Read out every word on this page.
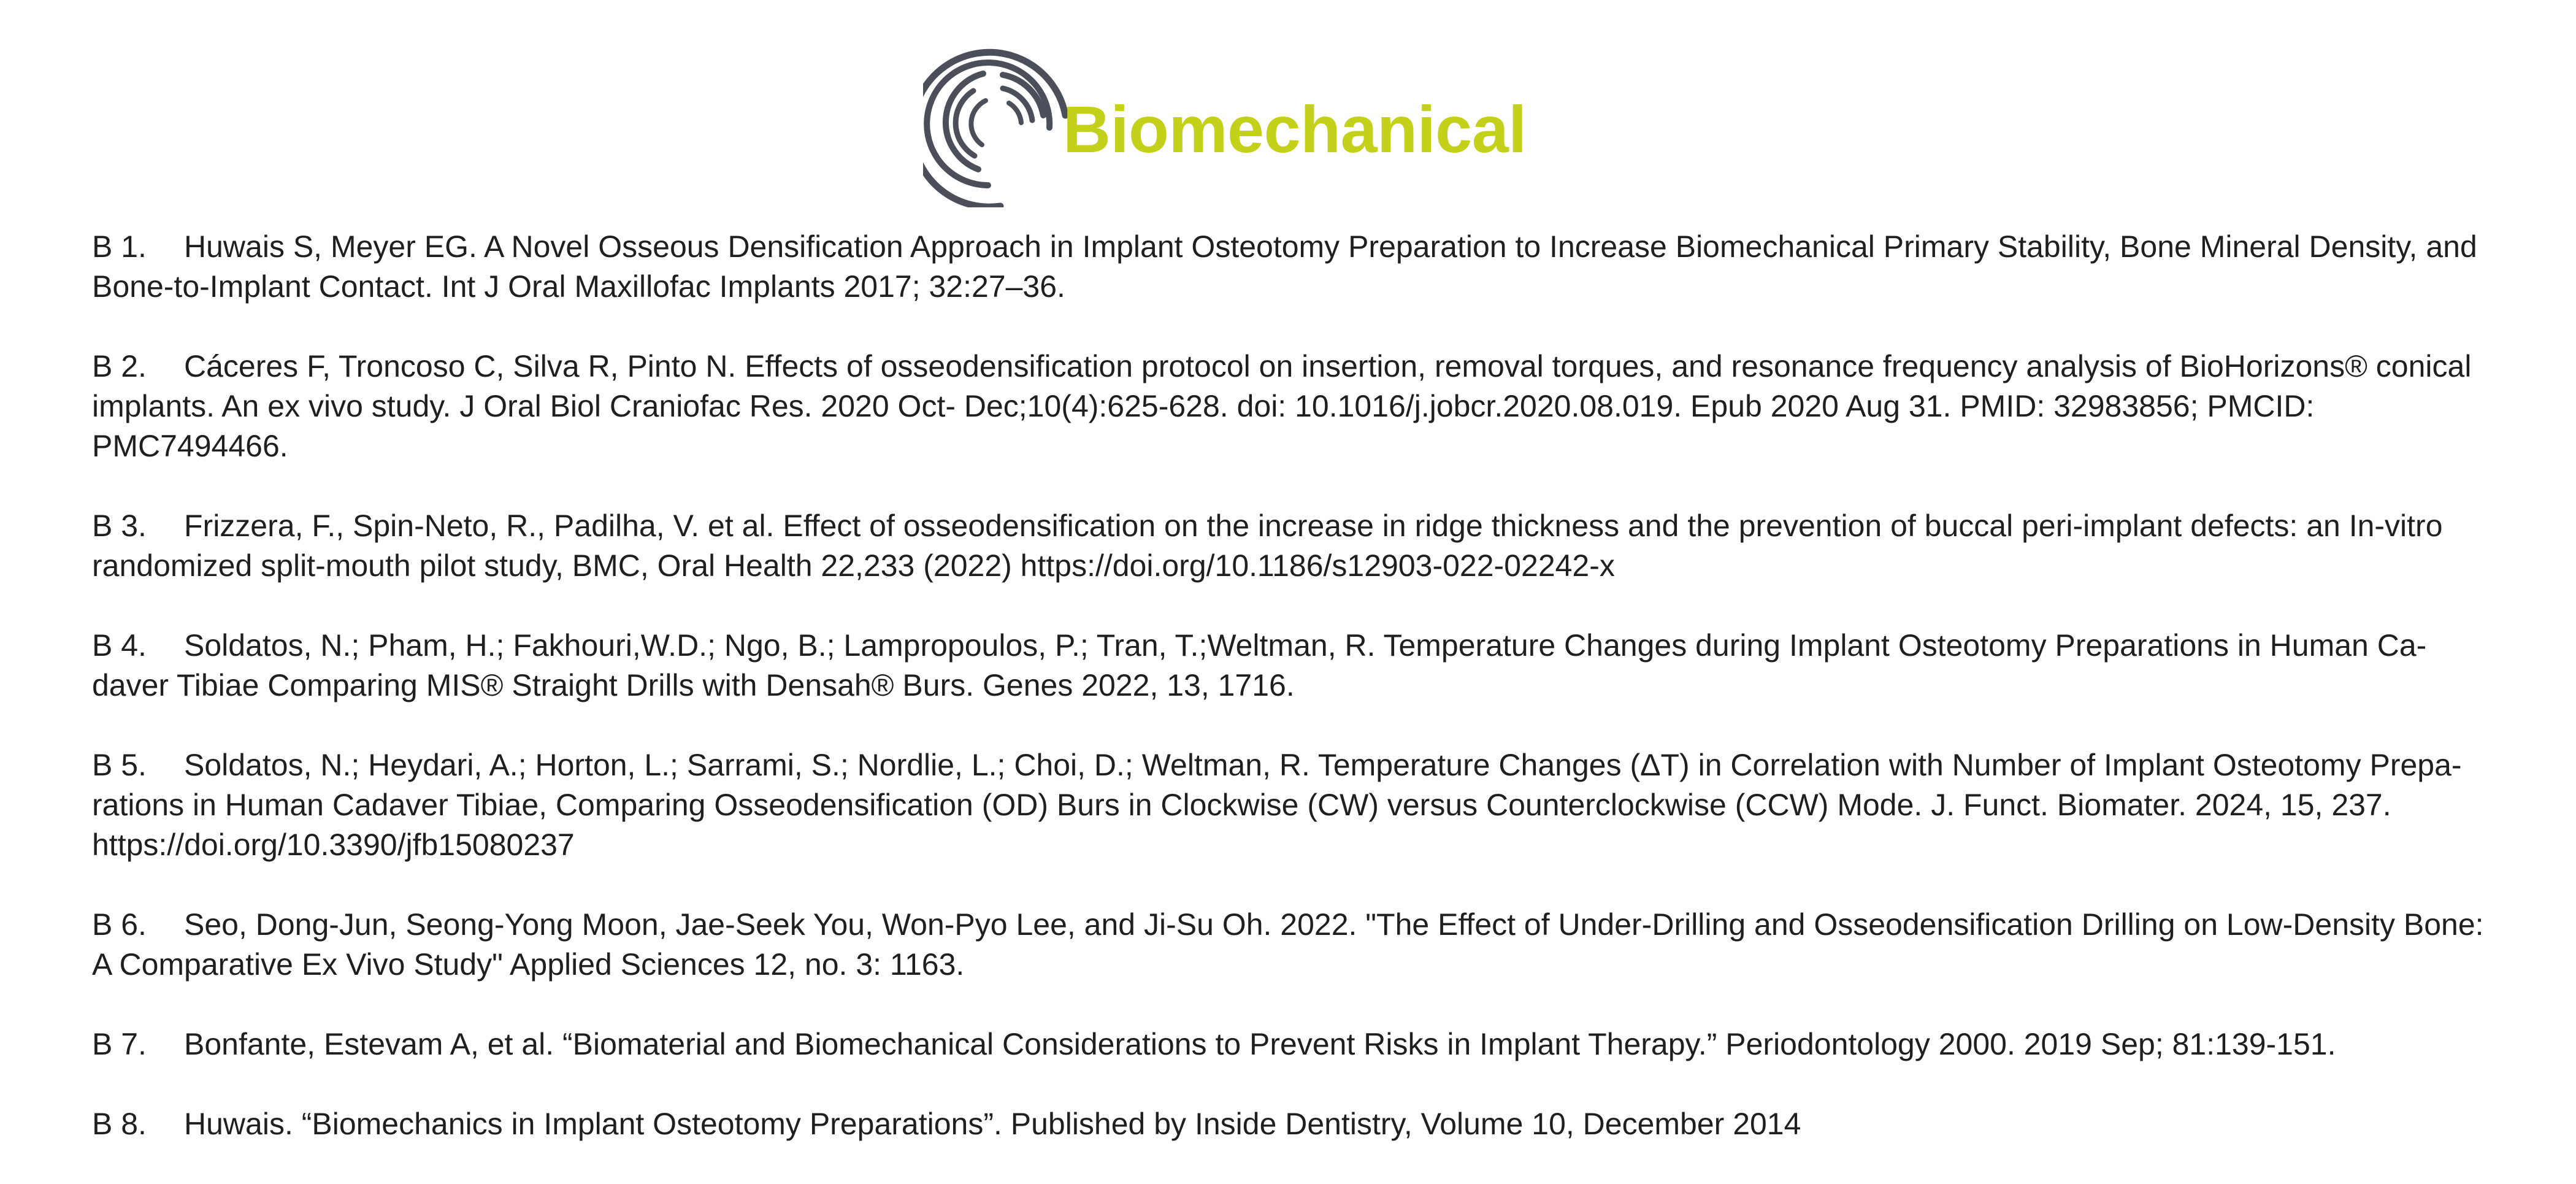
Biomechanical

B 1. Huwais S, Meyer EG. A Novel Osseous Densification Approach in Implant Osteotomy Preparation to Increase Biomechanical Primary Stability, Bone Mineral Density, and Bone-to-Implant Contact. Int J Oral Maxillofac Implants 2017; 32:27–36.

B 2. Cáceres F, Troncoso C, Silva R, Pinto N. Effects of osseodensification protocol on insertion, removal torques, and resonance frequency analysis of BioHorizons® conical implants. An ex vivo study. J Oral Biol Craniofac Res. 2020 Oct- Dec;10(4):625-628. doi: 10.1016/j.jobcr.2020.08.019. Epub 2020 Aug 31. PMID: 32983856; PMCID: PMC7494466.

B 3. Frizzera, F., Spin-Neto, R., Padilha, V. et al. Effect of osseodensification on the increase in ridge thickness and the prevention of buccal peri-implant defects: an In-vitro randomized split-mouth pilot study, BMC, Oral Health 22,233 (2022) https://doi.org/10.1186/s12903-022-02242-x

B 4. Soldatos, N.; Pham, H.; Fakhouri,W.D.; Ngo, B.; Lampropoulos, P.; Tran, T.;Weltman, R. Temperature Changes during Implant Osteotomy Preparations in Human Ca-daver Tibiae Comparing MIS® Straight Drills with Densah® Burs. Genes 2022, 13, 1716.

B 5. Soldatos, N.; Heydari, A.; Horton, L.; Sarrami, S.; Nordlie, L.; Choi, D.; Weltman, R. Temperature Changes (ΔT) in Correlation with Number of Implant Osteotomy Prepa-rations in Human Cadaver Tibiae, Comparing Osseodensification (OD) Burs in Clockwise (CW) versus Counterclockwise (CCW) Mode. J. Funct. Biomater. 2024, 15, 237. https://doi.org/10.3390/jfb15080237

B 6. Seo, Dong-Jun, Seong-Yong Moon, Jae-Seek You, Won-Pyo Lee, and Ji-Su Oh. 2022. "The Effect of Under-Drilling and Osseodensification Drilling on Low-Density Bone: A Comparative Ex Vivo Study" Applied Sciences 12, no. 3: 1163.

B 7. Bonfante, Estevam A, et al. “Biomaterial and Biomechanical Considerations to Prevent Risks in Implant Therapy.” Periodontology 2000. 2019 Sep; 81:139-151.

B 8. Huwais. “Biomechanics in Implant Osteotomy Preparations”. Published by Inside Dentistry, Volume 10, December 2014
